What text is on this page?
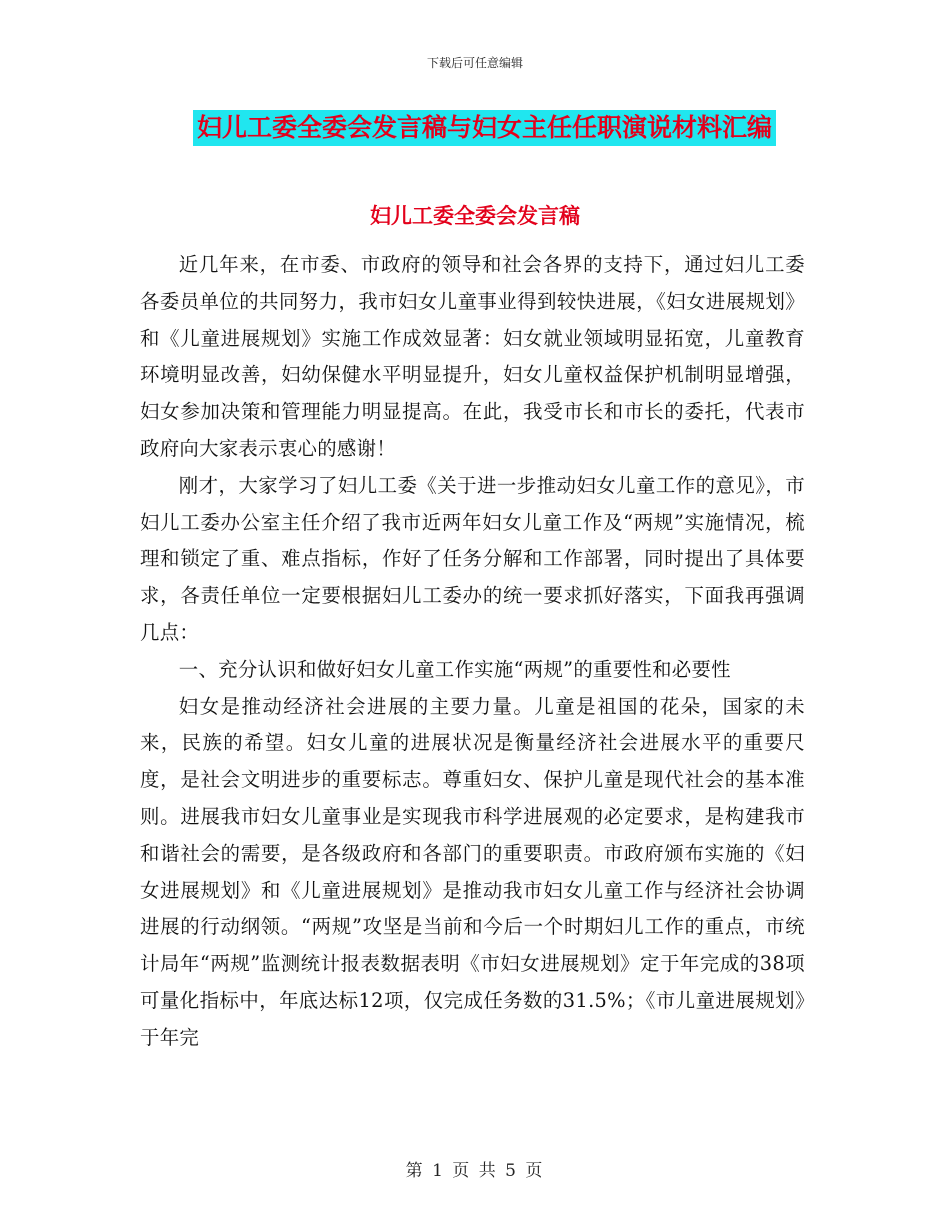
下载后可任意编辑
妇儿工委全委会发言稿与妇女主任任职演说材料汇编
妇儿工委全委会发言稿

近几年来，在市委、市政府的领导和社会各界的支持下，通过妇儿工委各委员单位的共同努力，我市妇女儿童事业得到较快进展，《妇女进展规划》和《儿童进展规划》实施工作成效显著：妇女就业领域明显拓宽，儿童教育环境明显改善，妇幼保健水平明显提升，妇女儿童权益保护机制明显增强，妇女参加决策和管理能力明显提高。在此，我受市长和市长的委托，代表市政府向大家表示衷心的感谢！

刚才，大家学习了妇儿工委《关于进一步推动妇女儿童工作的意见》，市妇儿工委办公室主任介绍了我市近两年妇女儿童工作及“两规”实施情况，梳理和锁定了重、难点指标，作好了任务分解和工作部署，同时提出了具体要求，各责任单位一定要根据妇儿工委办的统一要求抓好落实，下面我再强调几点：

一、充分认识和做好妇女儿童工作实施“两规”的重要性和必要性

妇女是推动经济社会进展的主要力量。儿童是祖国的花朵，国家的未来，民族的希望。妇女儿童的进展状况是衡量经济社会进展水平的重要尺度，是社会文明进步的重要标志。尊重妇女、保护儿童是现代社会的基本准则。进展我市妇女儿童事业是实现我市科学进展观的必定要求，是构建我市和谐社会的需要，是各级政府和各部门的重要职责。市政府颁布实施的《妇女进展规划》和《儿童进展规划》是推动我市妇女儿童工作与经济社会协调进展的行动纲领。“两规”攻坚是当前和今后一个时期妇儿工作的重点，市统计局年“两规”监测统计报表数据表明《市妇女进展规划》定于年完成的38项可量化指标中，年底达标12项，仅完成任务数的31.5%；《市儿童进展规划》于年完

第 1 页 共 5 页
